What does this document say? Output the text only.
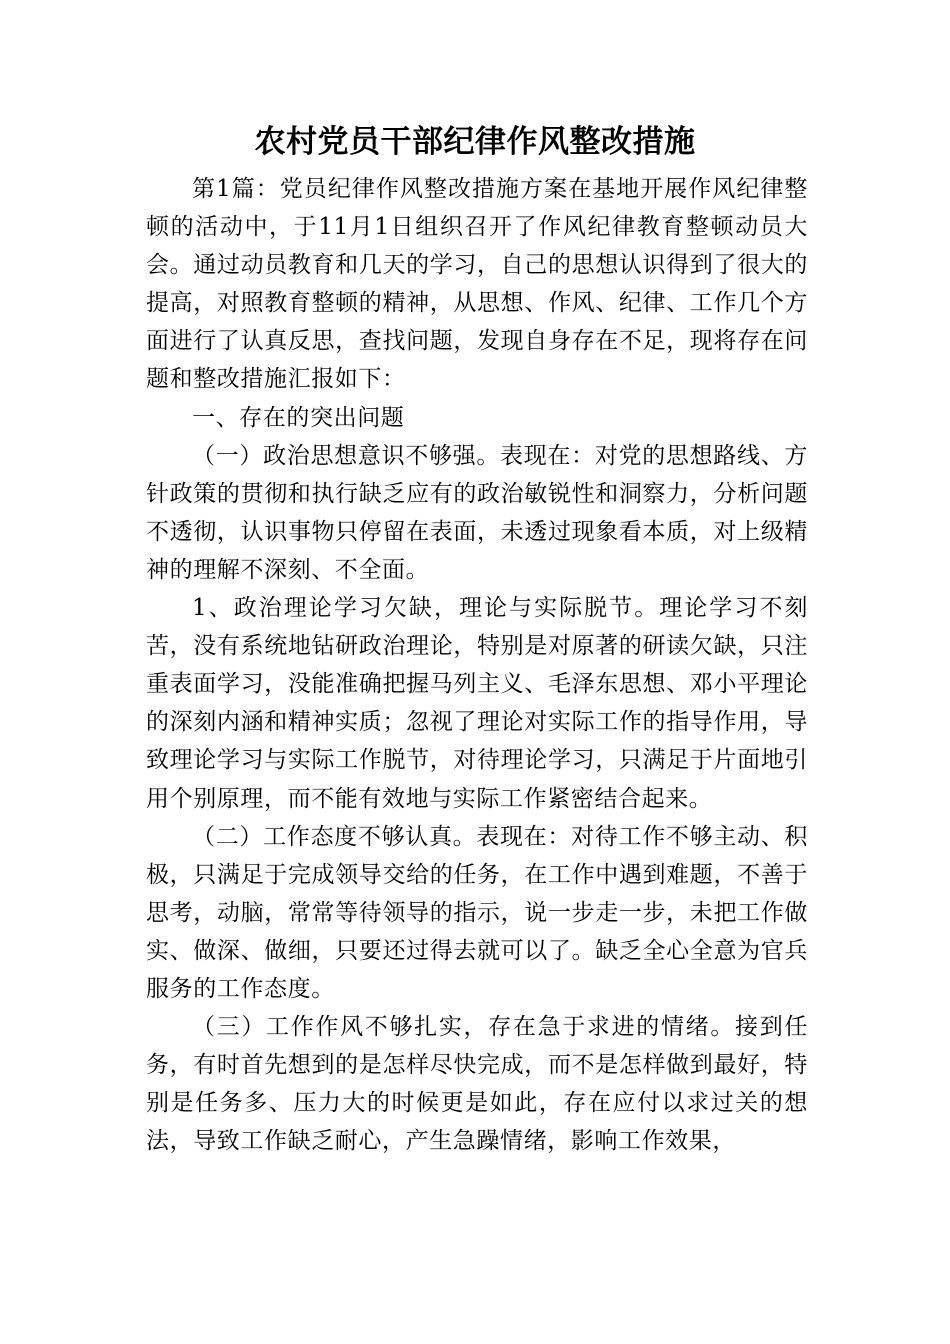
农村党员干部纪律作风整改措施

第1篇：党员纪律作风整改措施方案在基地开展作风纪律整顿的活动中，于11月1日组织召开了作风纪律教育整顿动员大会。通过动员教育和几天的学习，自己的思想认识得到了很大的提高，对照教育整顿的精神，从思想、作风、纪律、工作几个方面进行了认真反思，查找问题，发现自身存在不足，现将存在问题和整改措施汇报如下：

一、存在的突出问题

（一）政治思想意识不够强。表现在：对党的思想路线、方针政策的贯彻和执行缺乏应有的政治敏锐性和洞察力，分析问题不透彻，认识事物只停留在表面，未透过现象看本质，对上级精神的理解不深刻、不全面。

1、政治理论学习欠缺，理论与实际脱节。理论学习不刻苦，没有系统地钻研政治理论，特别是对原著的研读欠缺，只注重表面学习，没能准确把握马列主义、毛泽东思想、邓小平理论的深刻内涵和精神实质；忽视了理论对实际工作的指导作用，导致理论学习与实际工作脱节，对待理论学习，只满足于片面地引用个别原理，而不能有效地与实际工作紧密结合起来。

（二）工作态度不够认真。表现在：对待工作不够主动、积极，只满足于完成领导交给的任务，在工作中遇到难题，不善于思考，动脑，常常等待领导的指示，说一步走一步，未把工作做实、做深、做细，只要还过得去就可以了。缺乏全心全意为官兵服务的工作态度。

（三）工作作风不够扎实，存在急于求进的情绪。接到任务，有时首先想到的是怎样尽快完成，而不是怎样做到最好，特别是任务多、压力大的时候更是如此，存在应付以求过关的想法，导致工作缺乏耐心，产生急躁情绪，影响工作效果，
